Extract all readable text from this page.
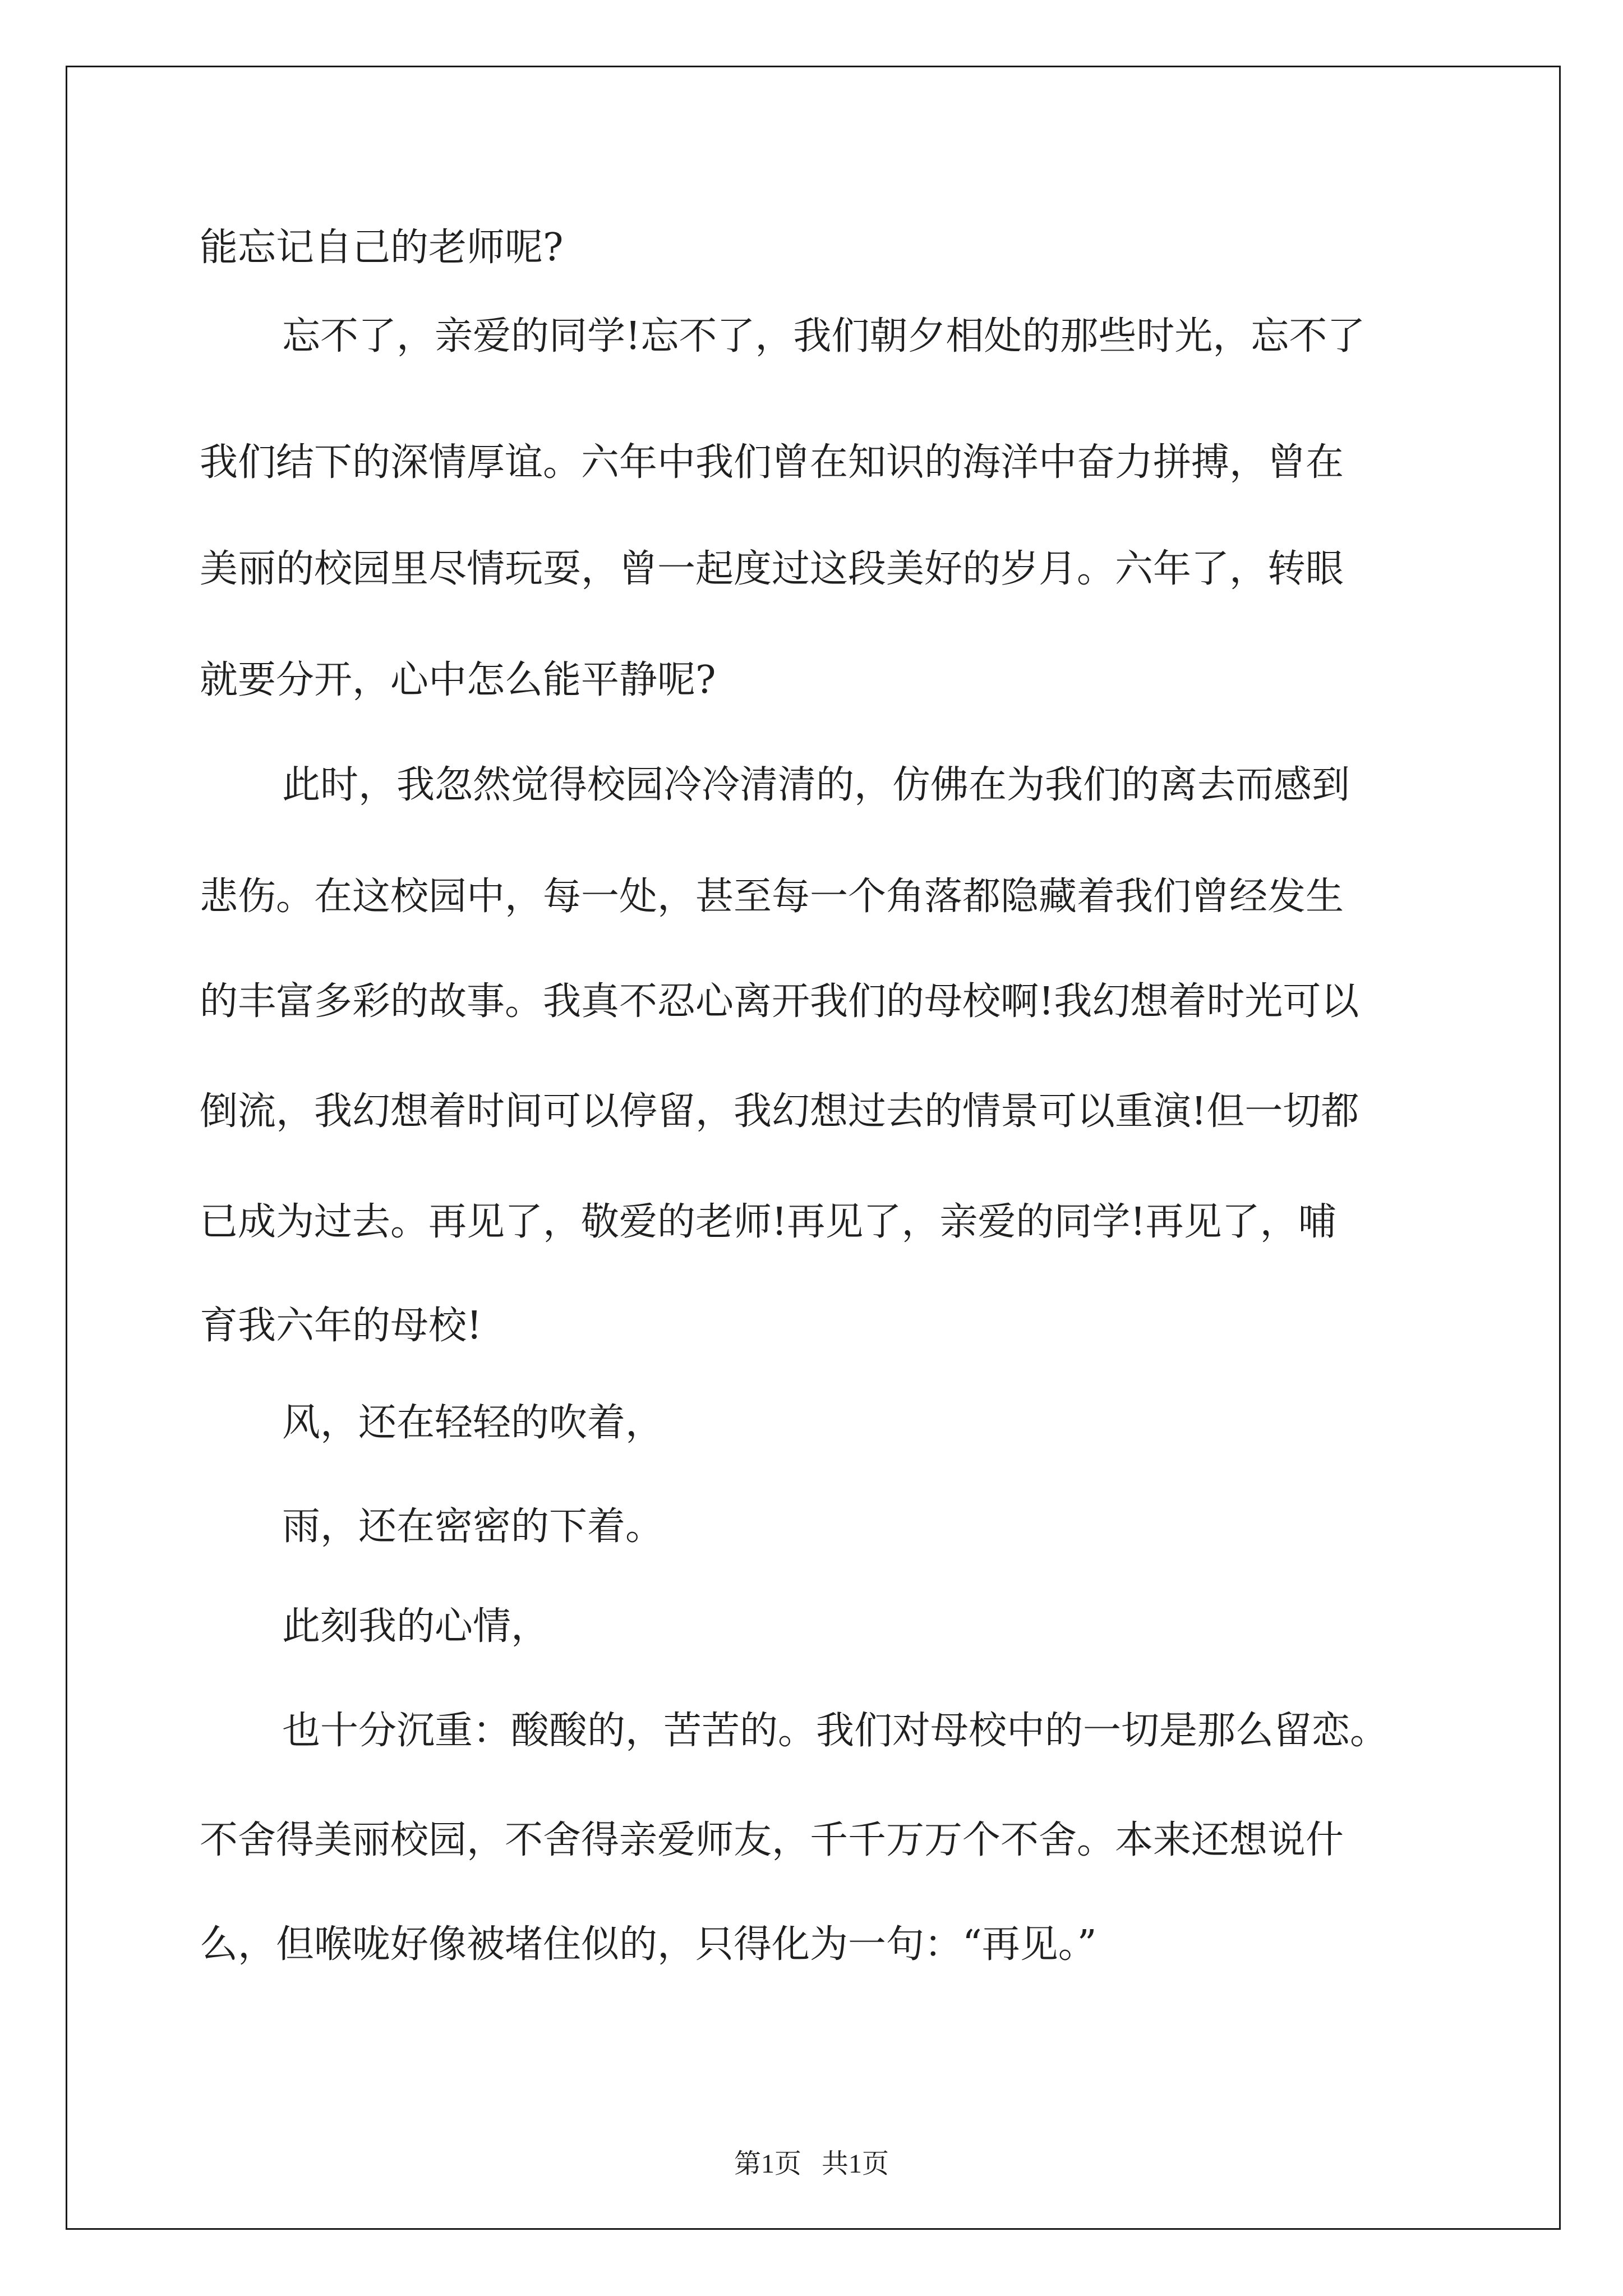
能忘记自己的老师呢?

忘不了，亲爱的同学!忘不了，我们朝夕相处的那些时光，忘不了

我们结下的深情厚谊。六年中我们曾在知识的海洋中奋力拼搏，曾在

美丽的校园里尽情玩耍，曾一起度过这段美好的岁月。六年了，转眼

就要分开，心中怎么能平静呢?

此时，我忽然觉得校园冷冷清清的，仿佛在为我们的离去而感到

悲伤。在这校园中，每一处，甚至每一个角落都隐藏着我们曾经发生

的丰富多彩的故事。我真不忍心离开我们的母校啊!我幻想着时光可以

倒流，我幻想着时间可以停留，我幻想过去的情景可以重演!但一切都

已成为过去。再见了，敬爱的老师!再见了，亲爱的同学!再见了，哺

育我六年的母校!

风，还在轻轻的吹着，

雨，还在密密的下着。

此刻我的心情，

也十分沉重：酸酸的，苦苦的。我们对母校中的一切是那么留恋。

不舍得美丽校园，不舍得亲爱师友，千千万万个不舍。本来还想说什

么，但喉咙好像被堵住似的，只得化为一句：“再见。”

第1页   共1页
